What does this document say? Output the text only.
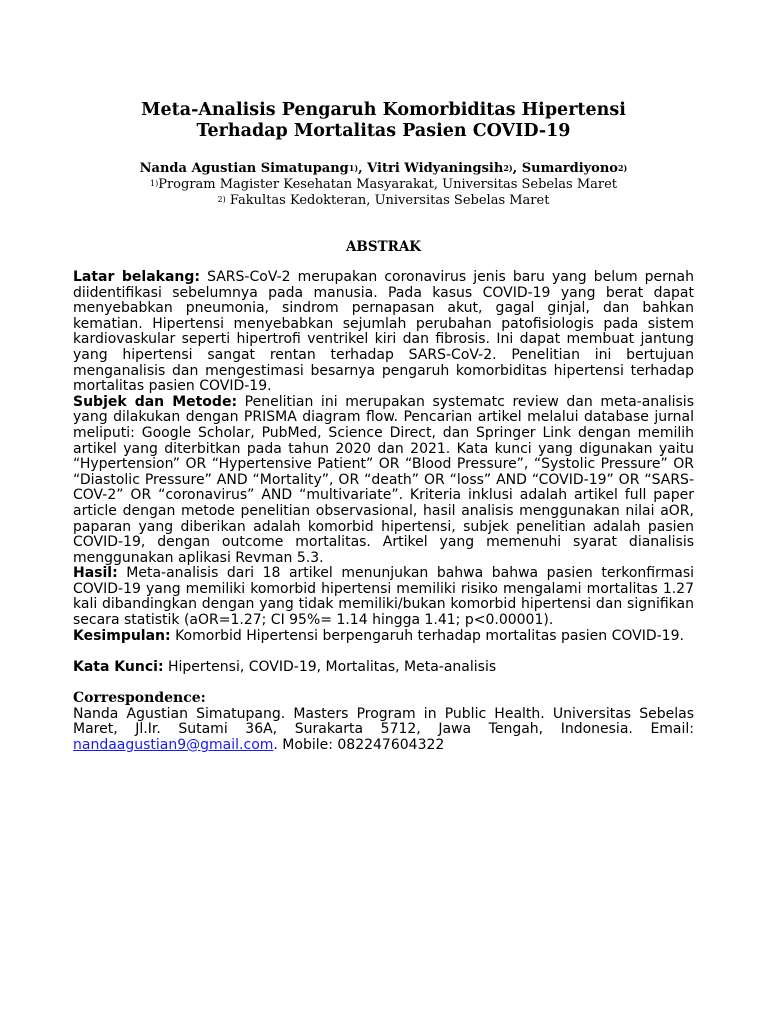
Meta-Analisis Pengaruh Komorbiditas Hipertensi
Terhadap Mortalitas Pasien COVID-19
Nanda Agustian Simatupang$^{1)}$, Vitri Widyaningsih$^{2)}$, Sumardiyono$^{2)}$
$^{1)}$Program Magister Kesehatan Masyarakat, Universitas Sebelas Maret
$^{2)}$ Fakultas Kedokteran, Universitas Sebelas Maret
ABSTRAK

Latar belakang: SARS-CoV-2 merupakan coronavirus jenis baru yang belum pernah diidentifikasi sebelumnya pada manusia. Pada kasus COVID-19 yang berat dapat menyebabkan pneumonia, sindrom pernapasan akut, gagal ginjal, dan bahkan kematian. Hipertensi menyebabkan sejumlah perubahan patofisiologis pada sistem kardiovaskular seperti hipertrofi ventrikel kiri dan fibrosis. Ini dapat membuat jantung yang hipertensi sangat rentan terhadap SARS-CoV-2. Penelitian ini bertujuan menganalisis dan mengestimasi besarnya pengaruh komorbiditas hipertensi terhadap mortalitas pasien COVID-19.

Subjek dan Metode: Penelitian ini merupakan systematc review dan meta-analisis yang dilakukan dengan PRISMA diagram flow. Pencarian artikel melalui database jurnal meliputi: Google Scholar, PubMed, Science Direct, dan Springer Link dengan memilih artikel yang diterbitkan pada tahun 2020 dan 2021. Kata kunci yang digunakan yaitu “Hypertension” OR “Hypertensive Patient” OR “Blood Pressure”, “Systolic Pressure” OR “Diastolic Pressure” AND “Mortality”, OR “death” OR “loss” AND “COVID-19” OR “SARS-COV-2” OR “coronavirus” AND “multivariate”. Kriteria inklusi adalah artikel full paper article dengan metode penelitian observasional, hasil analisis menggunakan nilai aOR, paparan yang diberikan adalah komorbid hipertensi, subjek penelitian adalah pasien COVID-19, dengan outcome mortalitas. Artikel yang memenuhi syarat dianalisis menggunakan aplikasi Revman 5.3.

Hasil: Meta-analisis dari 18 artikel menunjukan bahwa bahwa pasien terkonfirmasi COVID-19 yang memiliki komorbid hipertensi memiliki risiko mengalami mortalitas 1.27 kali dibandingkan dengan yang tidak memiliki/bukan komorbid hipertensi dan signifikan secara statistik (aOR=1.27; CI 95%= 1.14 hingga 1.41; p<0.00001).

Kesimpulan: Komorbid Hipertensi berpengaruh terhadap mortalitas pasien COVID-19.

Kata Kunci: Hipertensi, COVID-19, Mortalitas, Meta-analisis

Correspondence:

Nanda Agustian Simatupang. Masters Program in Public Health. Universitas Sebelas Maret, Jl.Ir. Sutami 36A, Surakarta 5712, Jawa Tengah, Indonesia. Email: nandaagustian9@gmail.com. Mobile: 082247604322
